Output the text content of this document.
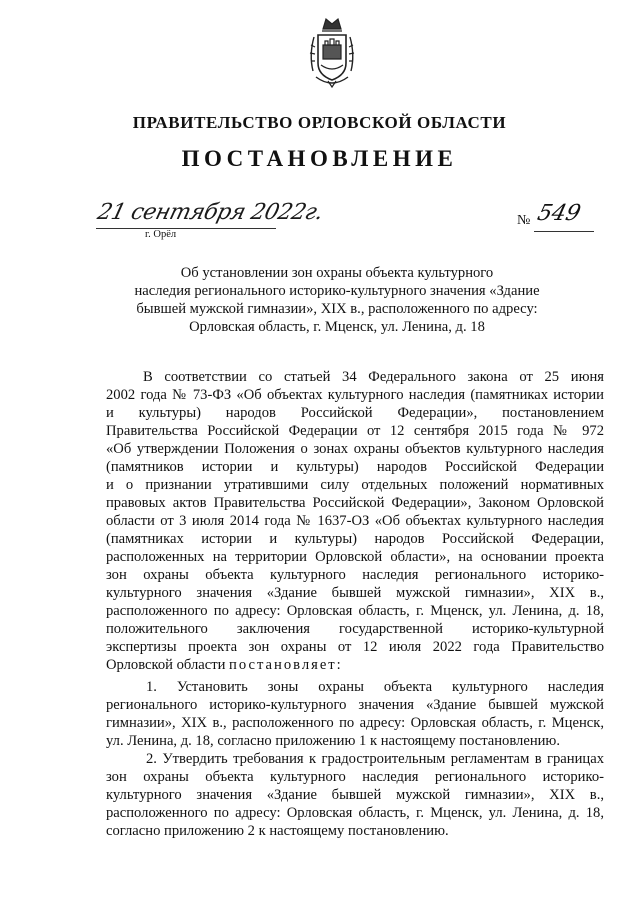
ПРАВИТЕЛЬСТВО ОРЛОВСКОЙ ОБЛАСТИ
ПОСТАНОВЛЕНИЕ
21 сентября 2022г.
г. Орёл
№ 549
Об установлении зон охраны объекта культурного
наследия регионального историко-культурного значения «Здание
бывшей мужской гимназии», XIX в., расположенного по адресу:
Орловская область, г. Мценск, ул. Ленина, д. 18
В соответствии со статьей 34 Федерального закона от 25 июня
2002 года № 73-ФЗ «Об объектах культурного наследия (памятниках истории
и культуры) народов Российской Федерации», постановлением
Правительства Российской Федерации от 12 сентября 2015 года № 972
«Об утверждении Положения о зонах охраны объектов культурного наследия
(памятников истории и культуры) народов Российской Федерации
и о признании утратившими силу отдельных положений нормативных
правовых актов Правительства Российской Федерации», Законом Орловской
области от 3 июля 2014 года № 1637-ОЗ «Об объектах культурного наследия
(памятниках истории и культуры) народов Российской Федерации,
расположенных на территории Орловской области», на основании проекта
зон охраны объекта культурного наследия регионального историко-
культурного значения «Здание бывшей мужской гимназии», XIX в.,
расположенного по адресу: Орловская область, г. Мценск, ул. Ленина, д. 18,
положительного заключения государственной историко-культурной
экспертизы проекта зон охраны от 12 июля 2022 года Правительство
Орловской области постановляет:
1. Установить зоны охраны объекта культурного наследия
регионального историко-культурного значения «Здание бывшей мужской
гимназии», XIX в., расположенного по адресу: Орловская область, г. Мценск,
ул. Ленина, д. 18, согласно приложению 1 к настоящему постановлению.
2. Утвердить требования к градостроительным регламентам в границах
зон охраны объекта культурного наследия регионального историко-
культурного значения «Здание бывшей мужской гимназии», XIX в.,
расположенного по адресу: Орловская область, г. Мценск, ул. Ленина, д. 18,
согласно приложению 2 к настоящему постановлению.
